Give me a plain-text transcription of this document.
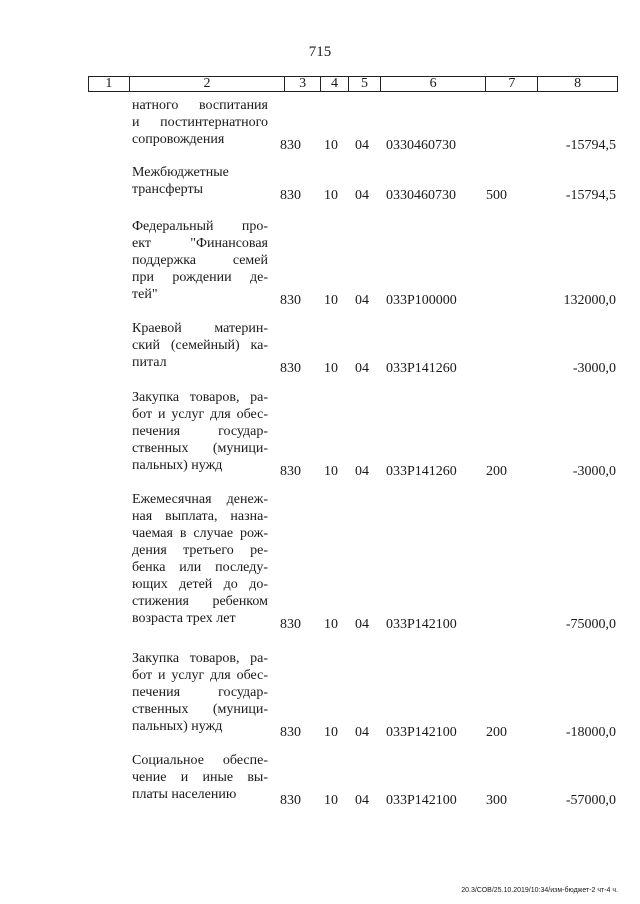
715
1	2	3	4	5	6	7	8
натного воспитания
и постинтернатного
сопровождения	830 10 04 0330460730	-15794,5
Межбюджетные
трансферты	830 10 04 0330460730 500	-15794,5
Федеральный про-
ект "Финансовая
поддержка семей
при рождении де-
тей"	830 10 04 033Р100000	132000,0
Краевой материн-
ский (семейный) ка-
питал	830 10 04 033Р141260	-3000,0
Закупка товаров, ра-
бот и услуг для обес-
печения государ-
ственных (муници-
пальных) нужд	830 10 04 033Р141260 200	-3000,0
Ежемесячная денеж-
ная выплата, назна-
чаемая в случае рож-
дения третьего ре-
бенка или последу-
ющих детей до до-
стижения ребенком
возраста трех лет	830 10 04 033Р142100	-75000,0
Закупка товаров, ра-
бот и услуг для обес-
печения государ-
ственных (муници-
пальных) нужд	830 10 04 033Р142100 200	-18000,0
Социальное обеспе-
чение и иные вы-
платы населению	830 10 04 033Р142100 300	-57000,0
20.3/СОВ/25.10.2019/10:34/изм-бюджет-2 чт-4 ч.
